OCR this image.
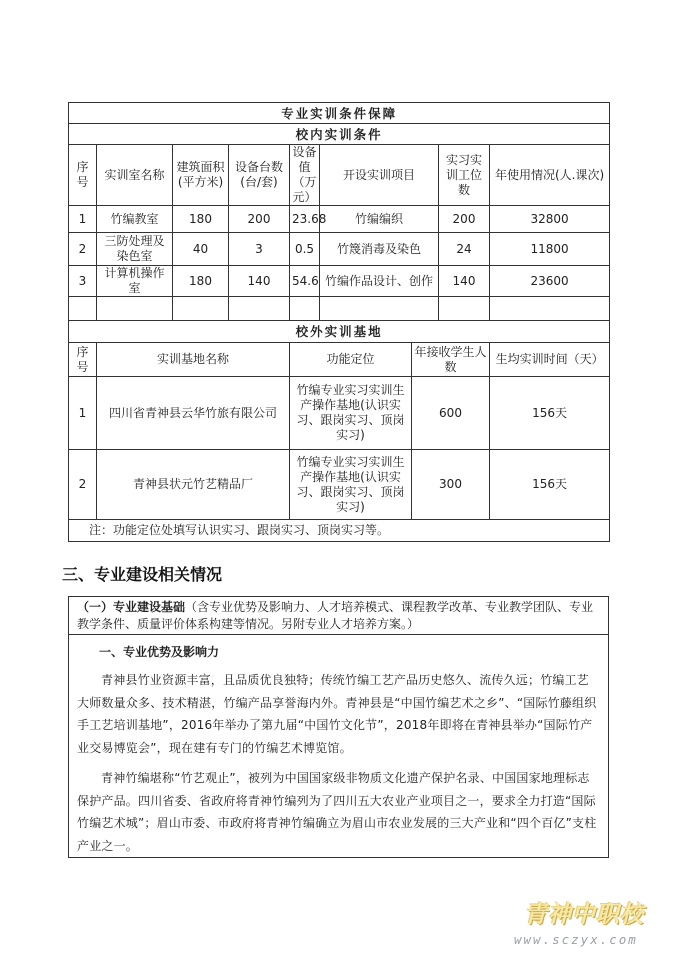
专业实训条件保障								
校内实训条件								
序号	实训室名称	建筑面积(平方米)	设备台数(台/套)	设备值（万元）	开设实训项目		实习实训工位数	年使用情况(人.课次)
1	竹编教室	180	200	23.68	竹编编织		200	32800
2	三防处理及染色室	40	3	0.5	竹篾消毒及染色		24	11800
3	计算机操作室	180	140	54.6	竹编作品设计、创作		140	23600

校外实训基地								
序号	实训基地名称			功能定位		年接收学生人数		生均实训时间（天）
1	四川省青神县云华竹旅有限公司			竹编专业实习实训生产操作基地(认识实习、跟岗实习、顶岗实习)		600		156天
2	青神县状元竹艺精品厂			竹编专业实习实训生产操作基地(认识实习、跟岗实习、顶岗实习)		300		156天
注：功能定位处填写认识实习、跟岗实习、顶岗实习等。								
三、专业建设相关情况
（一）专业建设基础（含专业优势及影响力、人才培养模式、课程教学改革、专业教学团队、专业教学条件、质量评价体系构建等情况。另附专业人才培养方案。）
一、专业优势及影响力
青神县竹业资源丰富，且品质优良独特；传统竹编工艺产品历史悠久、流传久远；竹编工艺大师数量众多、技术精湛，竹编产品享誉海内外。青神县是“中国竹编艺术之乡”、“国际竹藤组织手工艺培训基地”，2016年举办了第九届“中国竹文化节”，2018年即将在青神县举办“国际竹产业交易博览会”，现在建有专门的竹编艺术博览馆。
青神竹编堪称“竹艺观止”，被列为中国国家级非物质文化遗产保护名录、中国国家地理标志保护产品。四川省委、省政府将青神竹编列为了四川五大农业产业项目之一，要求全力打造“国际竹编艺术城”；眉山市委、市政府将青神竹编确立为眉山市农业发展的三大产业和“四个百亿”支柱产业之一。
青神中职校
www.sczyx.com
